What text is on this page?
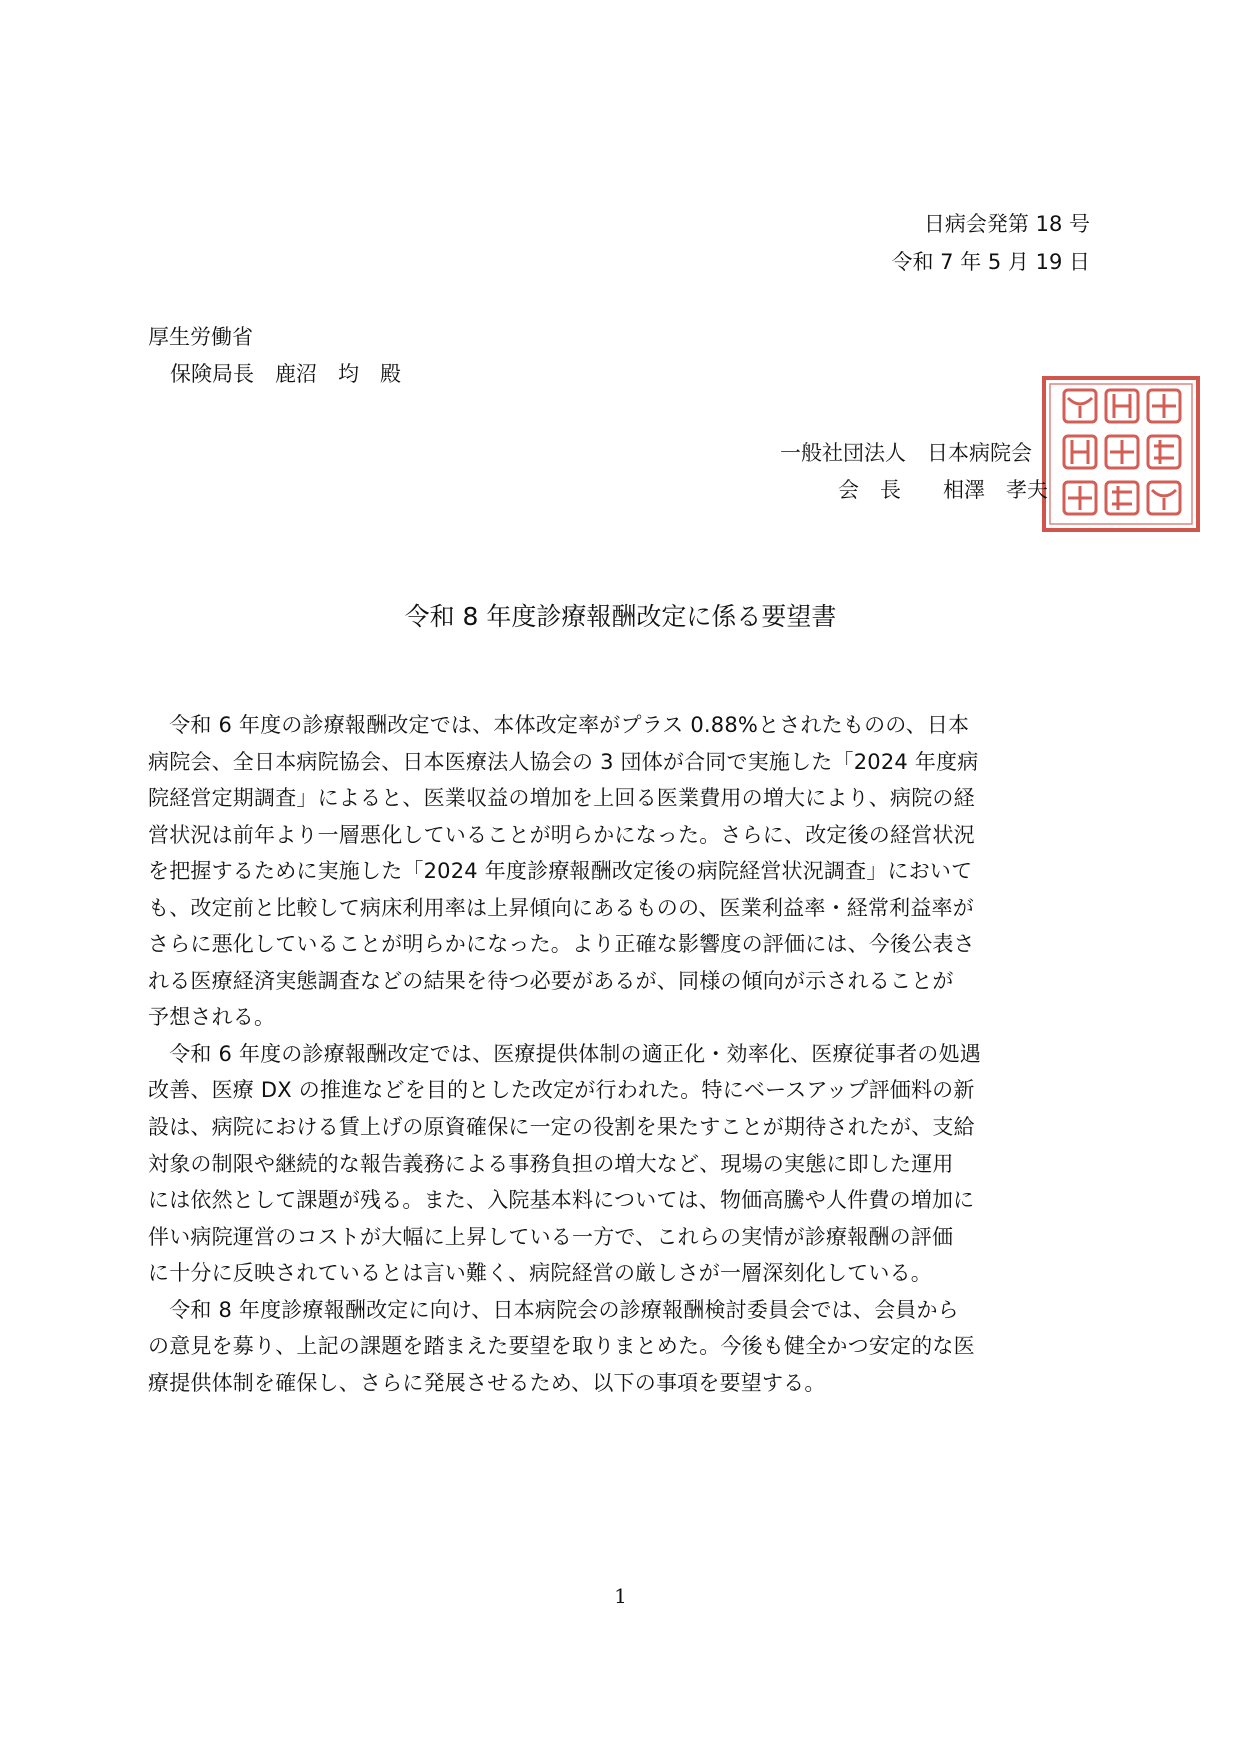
日病会発第 18 号
令和 7 年 5 月 19 日
厚生労働省
保険局長　鹿沼　均　殿
一般社団法人　日本病院会
会　長　　相澤　孝夫
令和 8 年度診療報酬改定に係る要望書
　令和 6 年度の診療報酬改定では、本体改定率がプラス 0.88%とされたものの、日本
病院会、全日本病院協会、日本医療法人協会の 3 団体が合同で実施した「2024 年度病
院経営定期調査」によると、医業収益の増加を上回る医業費用の増大により、病院の経
営状況は前年より一層悪化していることが明らかになった。さらに、改定後の経営状況
を把握するために実施した「2024 年度診療報酬改定後の病院経営状況調査」において
も、改定前と比較して病床利用率は上昇傾向にあるものの、医業利益率・経常利益率が
さらに悪化していることが明らかになった。より正確な影響度の評価には、今後公表さ
れる医療経済実態調査などの結果を待つ必要があるが、同様の傾向が示されることが
予想される。
　令和 6 年度の診療報酬改定では、医療提供体制の適正化・効率化、医療従事者の処遇
改善、医療 DX の推進などを目的とした改定が行われた。特にベースアップ評価料の新
設は、病院における賃上げの原資確保に一定の役割を果たすことが期待されたが、支給
対象の制限や継続的な報告義務による事務負担の増大など、現場の実態に即した運用
には依然として課題が残る。また、入院基本料については、物価高騰や人件費の増加に
伴い病院運営のコストが大幅に上昇している一方で、これらの実情が診療報酬の評価
に十分に反映されているとは言い難く、病院経営の厳しさが一層深刻化している。
　令和 8 年度診療報酬改定に向け、日本病院会の診療報酬検討委員会では、会員から
の意見を募り、上記の課題を踏まえた要望を取りまとめた。今後も健全かつ安定的な医
療提供体制を確保し、さらに発展させるため、以下の事項を要望する。
1
